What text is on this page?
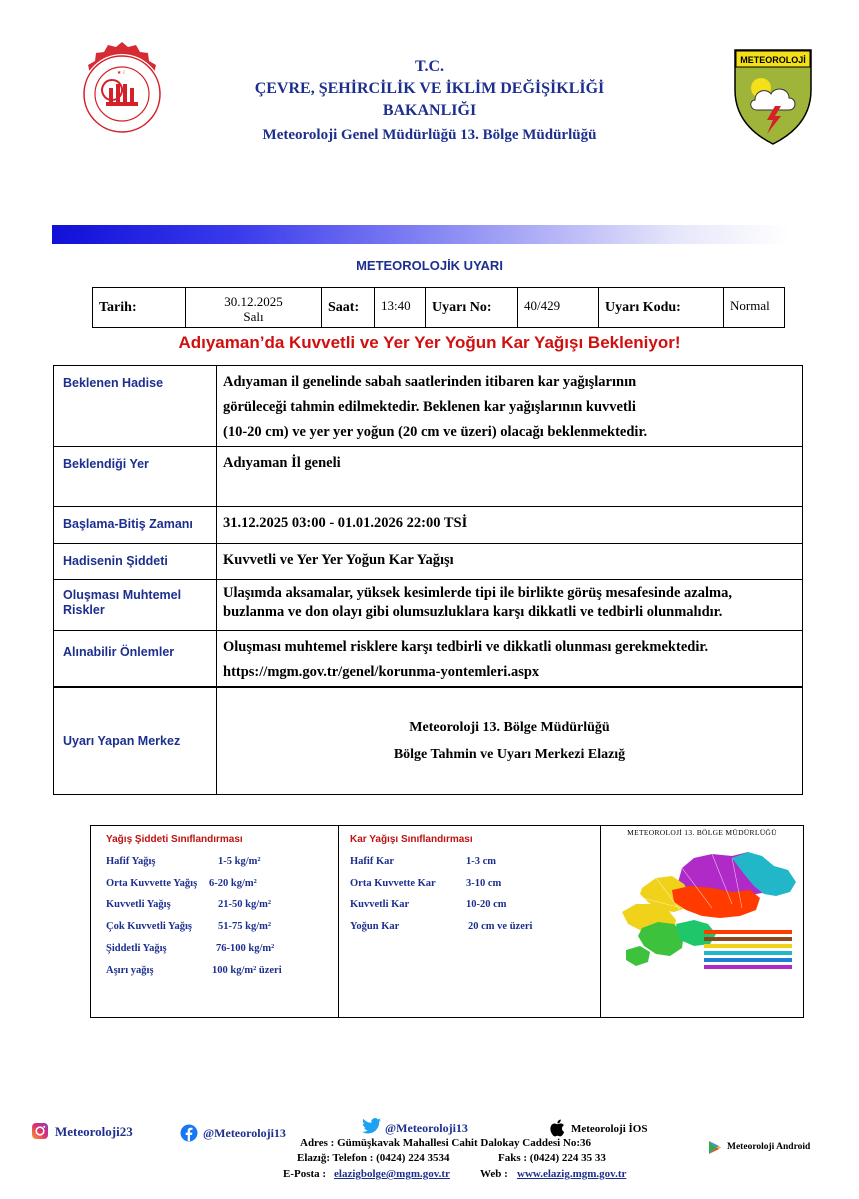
★ ☾	T.C.
ÇEVRE, ŞEHİRCİLİK VE İKLİM DEĞİŞİKLİĞİ
BAKANLIĞI
Meteoroloji Genel Müdürlüğü 13. Bölge Müdürlüğü
METEOROLOJİ
METEOROLOJİK UYARI
Tarih:	30.12.2025
Salı
	Saat:	13:40	Uyarı No:	40/429	Uyarı Kodu:	Normal
Adıyaman’da Kuvvetli ve Yer Yer Yoğun Kar Yağışı Bekleniyor!
Beklenen Hadise	Adıyaman il genelinde sabah saatlerinden itibaren kar yağışlarının
görüleceği tahmin edilmektedir. Beklenen kar yağışlarının kuvvetli
(10-20 cm) ve yer yer yoğun (20 cm ve üzeri) olacağı beklenmektedir.

Beklendiği Yer	Adıyaman İl geneli
Başlama-Bitiş Zamanı	31.12.2025 03:00 - 01.01.2026 22:00 TSİ
Hadisenin Şiddeti	Kuvvetli ve Yer Yer Yoğun Kar Yağışı
Oluşması Muhtemel Riskler	Ulaşımda aksamalar, yüksek kesimlerde tipi ile birlikte görüş mesafesinde azalma,
buzlanma ve don olayı gibi olumsuzluklara karşı dikkatli ve tedbirli olunmalıdır.

Alınabilir Önlemler	Oluşması muhtemel risklere karşı tedbirli ve dikkatli olunması gerekmektedir.
https://mgm.gov.tr/genel/korunma-yontemleri.aspx

Uyarı Yapan Merkez	Meteoroloji 13. Bölge Müdürlüğü
Bölge Tahmin ve Uyarı Merkezi Elazığ
Yağış Şiddeti Sınıflandırması
Hafif Yağış	1-5 kg/m²
Orta Kuvvette Yağış 6-20 kg/m²
Kuvvetli Yağış	21-50 kg/m²
Çok Kuvvetli Yağış 51-75 kg/m²
Şiddetli Yağış	76-100 kg/m²
Aşırı yağış	100 kg/m² üzeri
Kar Yağışı Sınıflandırması
Hafif Kar	1-3 cm
Orta Kuvvette Kar	3-10 cm
Kuvvetli Kar	10-20 cm
Yoğun Kar	20 cm ve üzeri
METEOROLOJİ 13. BÖLGE MÜDÜRLÜĞÜ
Meteoroloji23	@Meteoroloji13	@Meteoroloji13	Meteoroloji İOS
Meteoroloji Android
Adres : Gümüşkavak Mahallesi Cahit Dalokay Caddesi No:36
Elazığ: Telefon : (0424) 224 3534	Faks : (0424) 224 35 33
E-Posta : elazigbolge@mgm.gov.tr	Web : www.elazig.mgm.gov.tr
